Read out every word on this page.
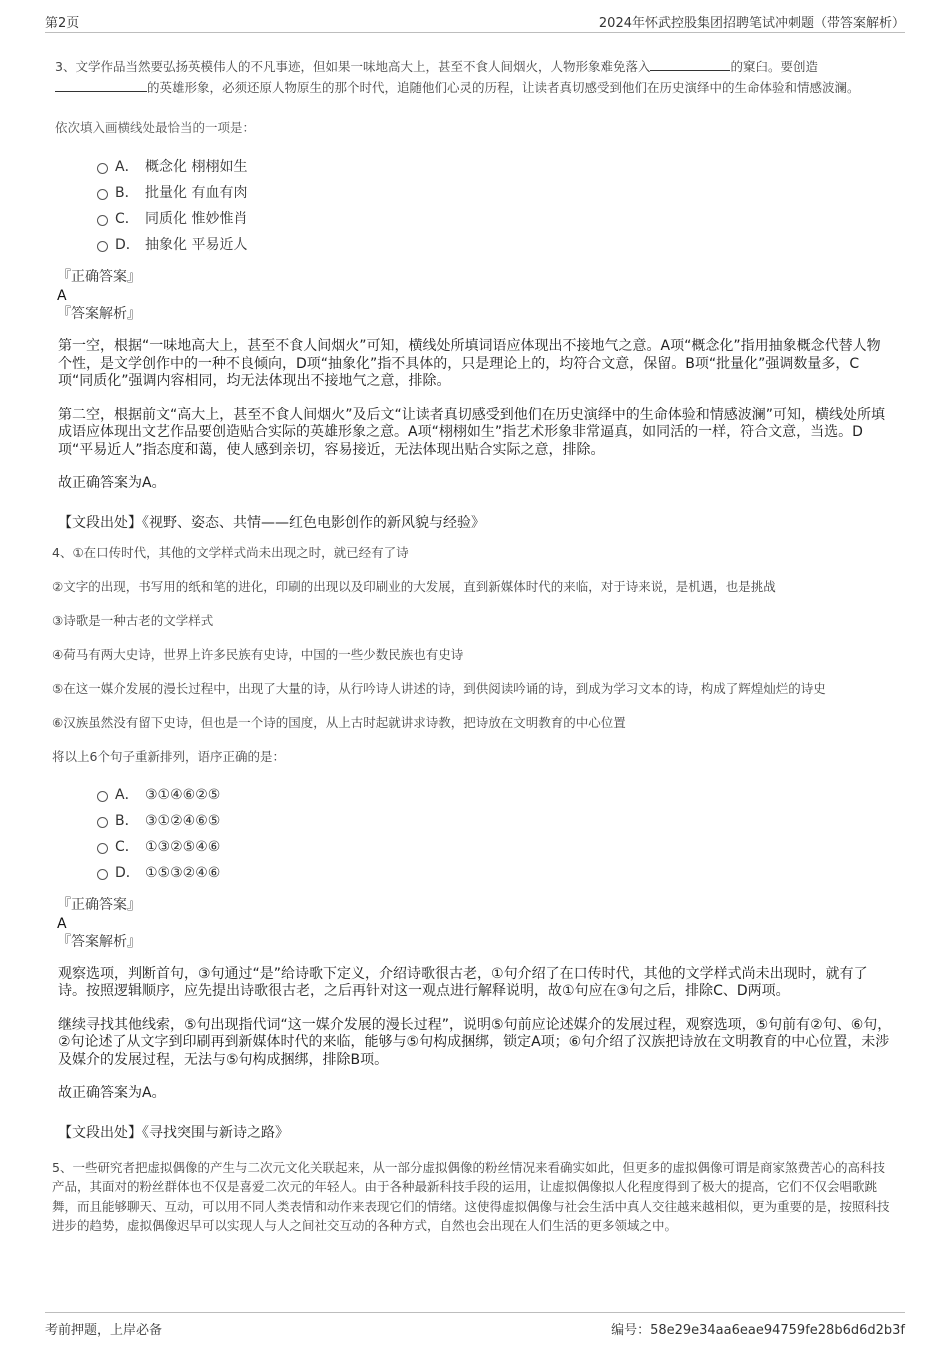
第2页	2024年怀武控股集团招聘笔试冲刺题（带答案解析）

3、文学作品当然要弘扬英模伟人的不凡事迹，但如果一味地高大上，甚至不食人间烟火，人物形象难免落入	的窠臼。要创造
的英雄形象，必须还原人物原生的那个时代，追随他们心灵的历程，让读者真切感受到他们在历史演绎中的生命体验和情感波澜。

依次填入画横线处最恰当的一项是：
A． 概念化 栩栩如生
B． 批量化 有血有肉
C． 同质化 惟妙惟肖
D． 抽象化 平易近人
『正确答案』
A
『答案解析』
第一空，根据“一味地高大上，甚至不食人间烟火”可知，横线处所填词语应体现出不接地气之意。A项“概念化”指用抽象概念代替人物个性，是文学创作中的一种不良倾向，D项“抽象化”指不具体的，只是理论上的，均符合文意，保留。B项“批量化”强调数量多，C项“同质化”强调内容相同，均无法体现出不接地气之意，排除。
第二空，根据前文“高大上，甚至不食人间烟火”及后文“让读者真切感受到他们在历史演绎中的生命体验和情感波澜”可知，横线处所填成语应体现出文艺作品要创造贴合实际的英雄形象之意。A项“栩栩如生”指艺术形象非常逼真，如同活的一样，符合文意，当选。D项“平易近人”指态度和蔼，使人感到亲切，容易接近，无法体现出贴合实际之意，排除。
故正确答案为A。
【文段出处】《视野、姿态、共情——红色电影创作的新风貌与经验》
4、①在口传时代，其他的文学样式尚未出现之时，就已经有了诗
②文字的出现，书写用的纸和笔的进化，印刷的出现以及印刷业的大发展，直到新媒体时代的来临，对于诗来说，是机遇，也是挑战
③诗歌是一种古老的文学样式
④荷马有两大史诗，世界上许多民族有史诗，中国的一些少数民族也有史诗
⑤在这一媒介发展的漫长过程中，出现了大量的诗，从行吟诗人讲述的诗，到供阅读吟诵的诗，到成为学习文本的诗，构成了辉煌灿烂的诗史
⑥汉族虽然没有留下史诗，但也是一个诗的国度，从上古时起就讲求诗教，把诗放在文明教育的中心位置
将以上6个句子重新排列，语序正确的是：
A． ③①④⑥②⑤
B． ③①②④⑥⑤
C． ①③②⑤④⑥
D． ①⑤③②④⑥
『正确答案』
A
『答案解析』
观察选项，判断首句，③句通过“是”给诗歌下定义，介绍诗歌很古老，①句介绍了在口传时代，其他的文学样式尚未出现时，就有了诗。按照逻辑顺序，应先提出诗歌很古老，之后再针对这一观点进行解释说明，故①句应在③句之后，排除C、D两项。
继续寻找其他线索，⑤句出现指代词“这一媒介发展的漫长过程”，说明⑤句前应论述媒介的发展过程，观察选项，⑤句前有②句、⑥句，②句论述了从文字到印刷再到新媒体时代的来临，能够与⑤句构成捆绑，锁定A项；⑥句介绍了汉族把诗放在文明教育的中心位置，未涉及媒介的发展过程，无法与⑤句构成捆绑，排除B项。
故正确答案为A。
【文段出处】《寻找突围与新诗之路》

5、一些研究者把虚拟偶像的产生与二次元文化关联起来，从一部分虚拟偶像的粉丝情况来看确实如此，但更多的虚拟偶像可谓是商家煞费苦心的高科技产品，其面对的粉丝群体也不仅是喜爱二次元的年轻人。由于各种最新科技手段的运用，让虚拟偶像拟人化程度得到了极大的提高，它们不仅会唱歌跳舞，而且能够聊天、互动，可以用不同人类表情和动作来表现它们的情绪。这使得虚拟偶像与社会生活中真人交往越来越相似，更为重要的是，按照科技进步的趋势，虚拟偶像迟早可以实现人与人之间社交互动的各种方式，自然也会出现在人们生活的更多领域之中。

考前押题，上岸必备	编号：58e29e34aa6eae94759fe28b6d6d2b3f
